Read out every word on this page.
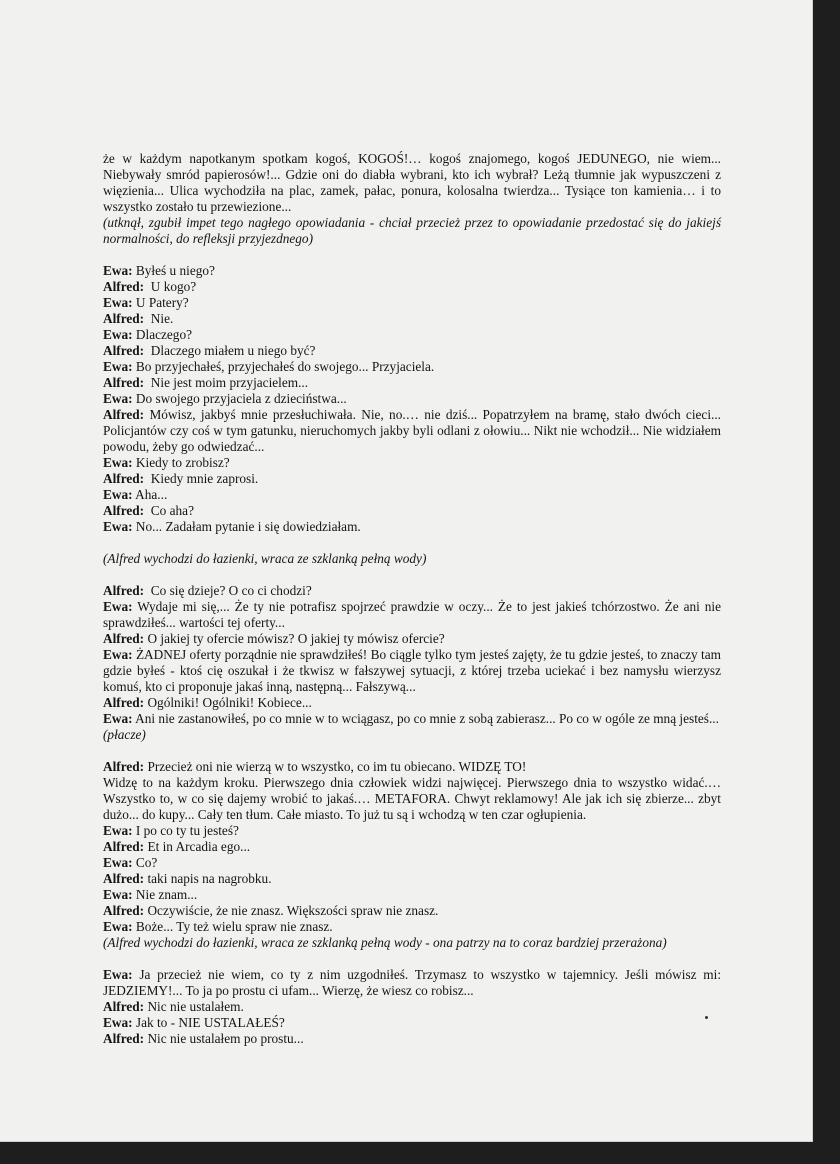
że w każdym napotkanym spotkam kogoś, KOGOŚ!… kogoś znajomego, kogoś JEDUNEGO, nie wiem... Niebywały smród papierosów!... Gdzie oni do diabła wybrani, kto ich wybrał? Leżą tłumnie jak wypuszczeni z więzienia... Ulica wychodziła na plac, zamek, pałac, ponura, kolosalna twierdza... Tysiące ton kamienia… i to wszystko zostało tu przewiezione...

(utknął, zgubił impet tego nagłego opowiadania - chciał przecież przez to opowiadanie przedostać się do jakiejś normalności, do refleksji przyjezdnego)

Ewa: Byłeś u niego?

Alfred: U kogo?

Ewa: U Patery?

Alfred: Nie.

Ewa: Dlaczego?

Alfred: Dlaczego miałem u niego być?

Ewa: Bo przyjechałeś, przyjechałeś do swojego... Przyjaciela.

Alfred: Nie jest moim przyjacielem...

Ewa: Do swojego przyjaciela z dzieciństwa...

Alfred: Mówisz, jakbyś mnie przesłuchiwała. Nie, no.… nie dziś... Popatrzyłem na bramę, stało dwóch cieci... Policjantów czy coś w tym gatunku, nieruchomych jakby byli odlani z ołowiu... Nikt nie wchodził... Nie widziałem powodu, żeby go odwiedzać...

Ewa: Kiedy to zrobisz?

Alfred: Kiedy mnie zaprosi.

Ewa: Aha...

Alfred: Co aha?

Ewa: No... Zadałam pytanie i się dowiedziałam.

(Alfred wychodzi do łazienki, wraca ze szklanką pełną wody)

Alfred: Co się dzieje? O co ci chodzi?

Ewa: Wydaje mi się,... Że ty nie potrafisz spojrzeć prawdzie w oczy... Że to jest jakieś tchórzostwo. Że ani nie sprawdziłeś... wartości tej oferty...

Alfred: O jakiej ty ofercie mówisz? O jakiej ty mówisz ofercie?

Ewa: ŻADNEJ oferty porządnie nie sprawdziłeś! Bo ciągle tylko tym jesteś zajęty, że tu gdzie jesteś, to znaczy tam gdzie byłeś - ktoś cię oszukał i że tkwisz w fałszywej sytuacji, z której trzeba uciekać i bez namysłu wierzysz komuś, kto ci proponuje jakaś inną, następną... Fałszywą...

Alfred: Ogólniki! Ogólniki! Kobiece...

Ewa: Ani nie zastanowiłeś, po co mnie w to wciągasz, po co mnie z sobą zabierasz... Po co w ogóle ze mną jesteś...

(płacze)

Alfred: Przecież oni nie wierzą w to wszystko, co im tu obiecano. WIDZĘ TO!

Widzę to na każdym kroku. Pierwszego dnia człowiek widzi najwięcej. Pierwszego dnia to wszystko widać.… Wszystko to, w co się dajemy wrobić to jakaś.… METAFORA. Chwyt reklamowy! Ale jak ich się zbierze... zbyt dużo... do kupy... Cały ten tłum. Całe miasto. To już tu są i wchodzą w ten czar ogłupienia.

Ewa: I po co ty tu jesteś?

Alfred: Et in Arcadia ego...

Ewa: Co?

Alfred: taki napis na nagrobku.

Ewa: Nie znam...

Alfred: Oczywiście, że nie znasz. Większości spraw nie znasz.

Ewa: Boże... Ty też wielu spraw nie znasz.

(Alfred wychodzi do łazienki, wraca ze szklanką pełną wody - ona patrzy na to coraz bardziej przerażona)

Ewa: Ja przecież nie wiem, co ty z nim uzgodniłeś. Trzymasz to wszystko w tajemnicy. Jeśli mówisz mi: JEDZIEMY!... To ja po prostu ci ufam... Wierzę, że wiesz co robisz...

Alfred: Nic nie ustalałem.

Ewa: Jak to - NIE USTALAŁEŚ?

Alfred: Nic nie ustalałem po prostu...
